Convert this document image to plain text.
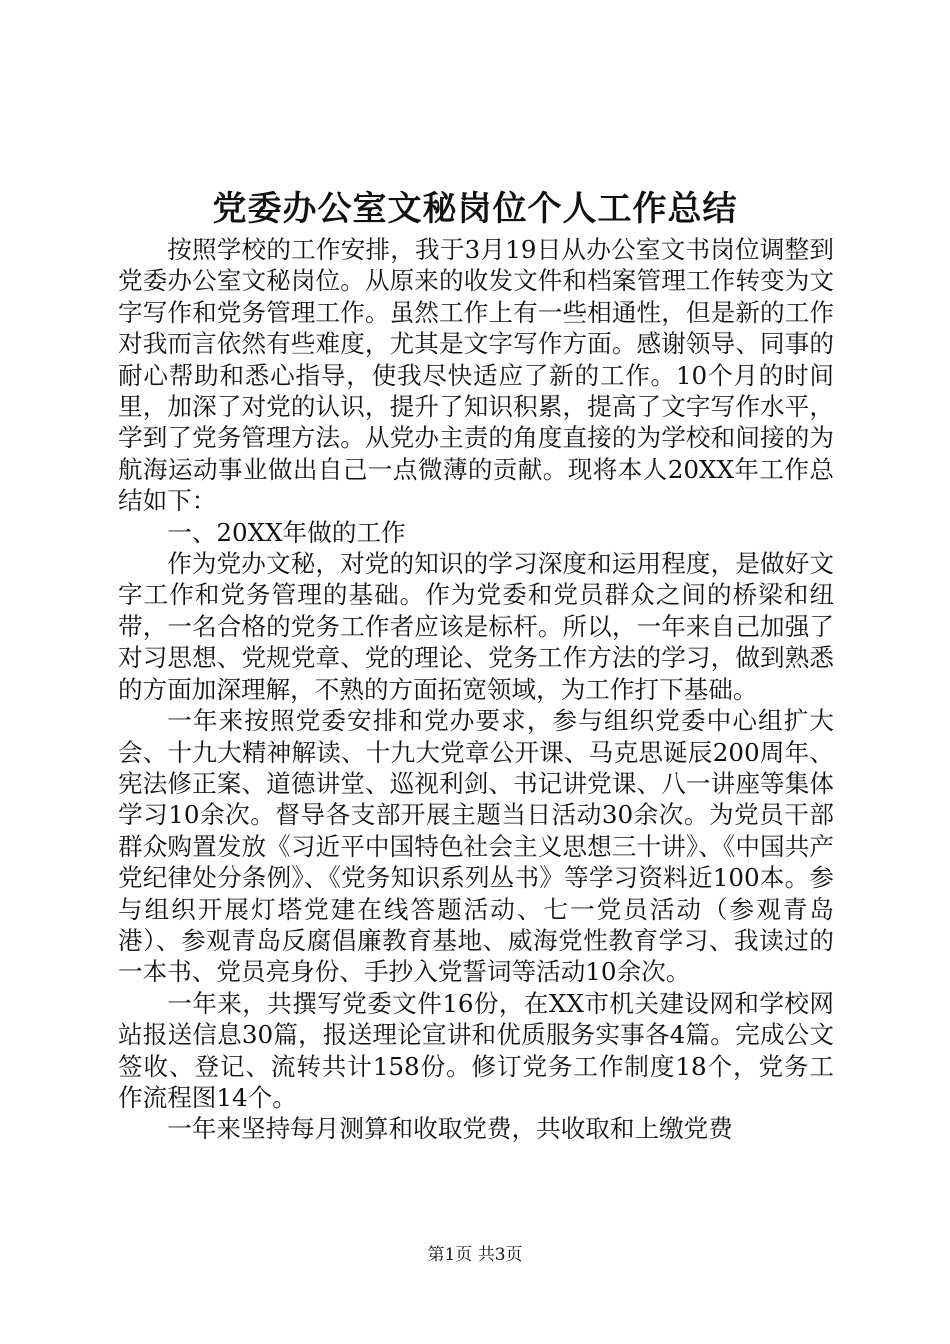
党委办公室文秘岗位个人工作总结

按照学校的工作安排，我于3月19日从办公室文书岗位调整到党委办公室文秘岗位。从原来的收发文件和档案管理工作转变为文字写作和党务管理工作。虽然工作上有一些相通性，但是新的工作对我而言依然有些难度，尤其是文字写作方面。感谢领导、同事的耐心帮助和悉心指导，使我尽快适应了新的工作。10个月的时间里，加深了对党的认识，提升了知识积累，提高了文字写作水平，学到了党务管理方法。从党办主责的角度直接的为学校和间接的为航海运动事业做出自己一点微薄的贡献。现将本人20XX年工作总结如下：

一、20XX年做的工作

作为党办文秘，对党的知识的学习深度和运用程度，是做好文字工作和党务管理的基础。作为党委和党员群众之间的桥梁和纽带，一名合格的党务工作者应该是标杆。所以，一年来自己加强了对习思想、党规党章、党的理论、党务工作方法的学习，做到熟悉的方面加深理解，不熟的方面拓宽领域，为工作打下基础。

一年来按照党委安排和党办要求，参与组织党委中心组扩大会、十九大精神解读、十九大党章公开课、马克思诞辰200周年、宪法修正案、道德讲堂、巡视利剑、书记讲党课、八一讲座等集体学习10余次。督导各支部开展主题当日活动30余次。为党员干部群众购置发放《习近平中国特色社会主义思想三十讲》、《中国共产党纪律处分条例》、《党务知识系列丛书》等学习资料近100本。参与组织开展灯塔党建在线答题活动、七一党员活动（参观青岛港）、参观青岛反腐倡廉教育基地、威海党性教育学习、我读过的一本书、党员亮身份、手抄入党誓词等活动10余次。

一年来，共撰写党委文件16份，在XX市机关建设网和学校网站报送信息30篇，报送理论宣讲和优质服务实事各4篇。完成公文签收、登记、流转共计158份。修订党务工作制度18个，党务工作流程图14个。

一年来坚持每月测算和收取党费，共收取和上缴党费

第1页 共3页
